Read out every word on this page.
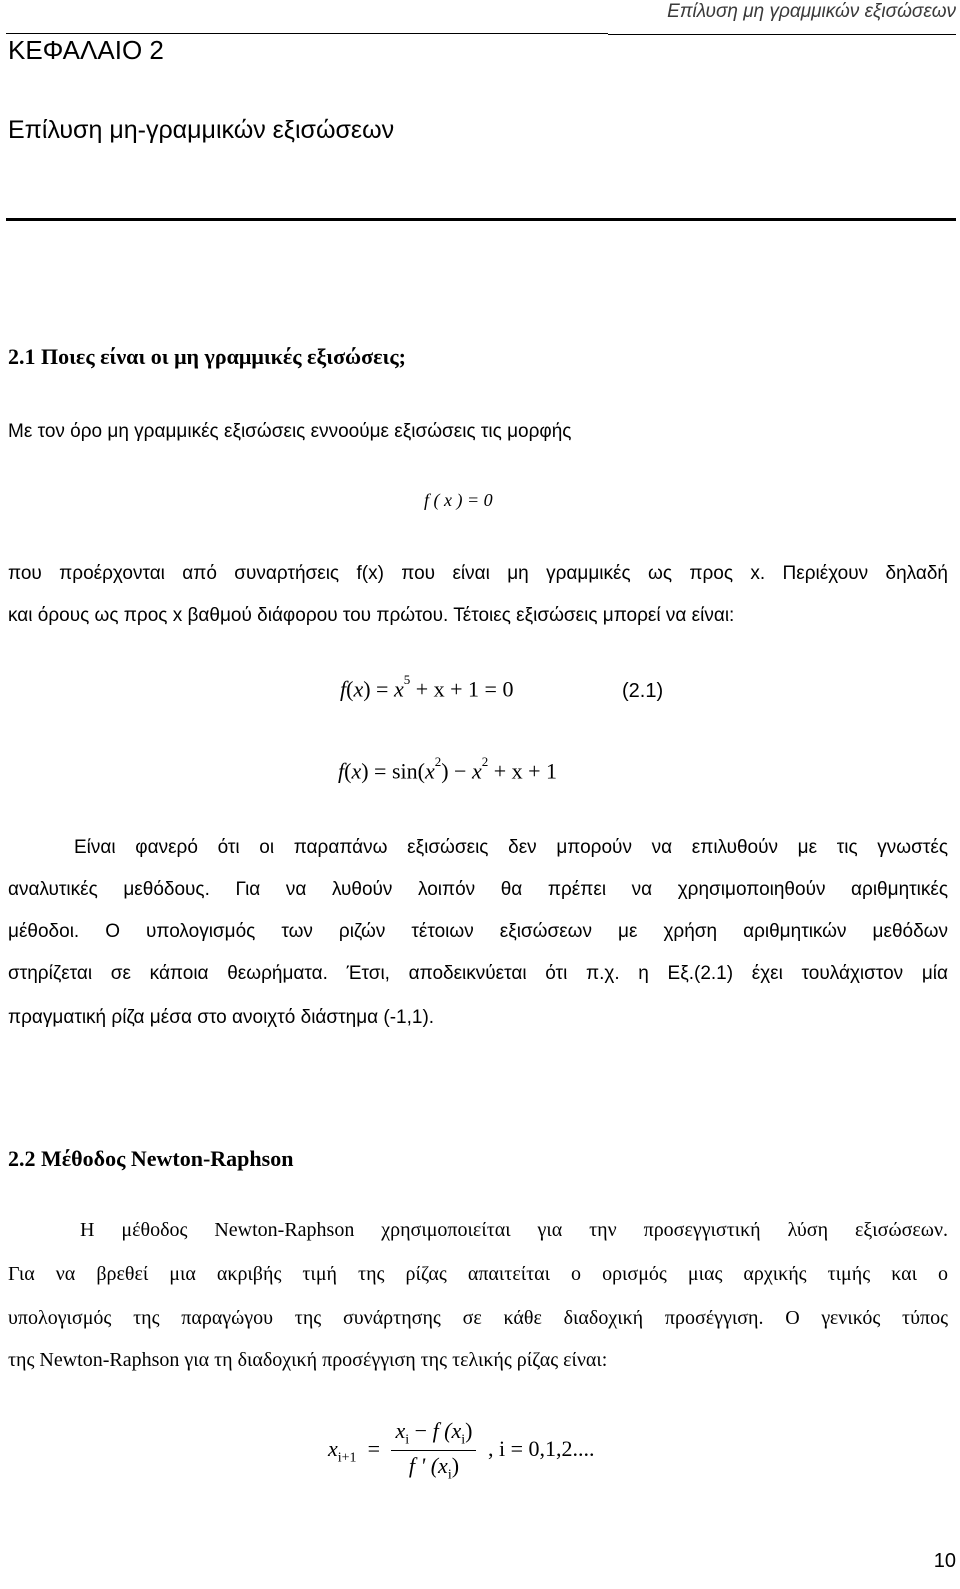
Επίλυση μη γραμμικών εξισώσεων
ΚΕΦΑΛΑΙΟ 2
Επίλυση μη-γραμμικών εξισώσεων
2.1 Ποιες είναι οι μη γραμμικές εξισώσεις;
Με τον όρο μη γραμμικές εξισώσεις εννοούμε εξισώσεις τις μορφής
f ( x ) = 0
που προέρχονται από συναρτήσεις f(x) που είναι μη γραμμικές ως προς x. Περιέχουν δηλαδή
και όρους ως προς x βαθμού διάφορου του πρώτου. Τέτοιες εξισώσεις μπορεί να είναι:
$f(x) = x^5 + x + 1 = 0$	(2.1)
$f(x) = \sin(x^2) - x^2 + x + 1$
Είναι φανερό ότι οι παραπάνω εξισώσεις δεν μπορούν να επιλυθούν με τις γνωστές
αναλυτικές μεθόδους. Για να λυθούν λοιπόν θα πρέπει να χρησιμοποιηθούν αριθμητικές
μέθοδοι. Ο υπολογισμός των ριζών τέτοιων εξισώσεων με χρήση αριθμητικών μεθόδων
στηρίζεται σε κάποια θεωρήματα. Έτσι, αποδεικνύεται ότι π.χ. η Εξ.(2.1) έχει τουλάχιστον μία
πραγματική ρίζα μέσα στο ανοιχτό διάστημα (-1,1).
2.2 Μέθοδος Newton-Raphson
Η μέθοδος Newton-Raphson χρησιμοποιείται για την προσεγγιστική λύση εξισώσεων.
Για να βρεθεί μια ακριβής τιμή της ρίζας απαιτείται ο ορισμός μιας αρχικής τιμής και ο
υπολογισμός της παραγώγου της συνάρτησης σε κάθε διαδοχική προσέγγιση. Ο γενικός τύπος
της Newton-Raphson για τη διαδοχική προσέγγιση της τελικής ρίζας είναι:
$x_{i+1} = \frac{x_i - f (x_i)}{f ' (x_i)}$ , i = 0,1,2....
10
